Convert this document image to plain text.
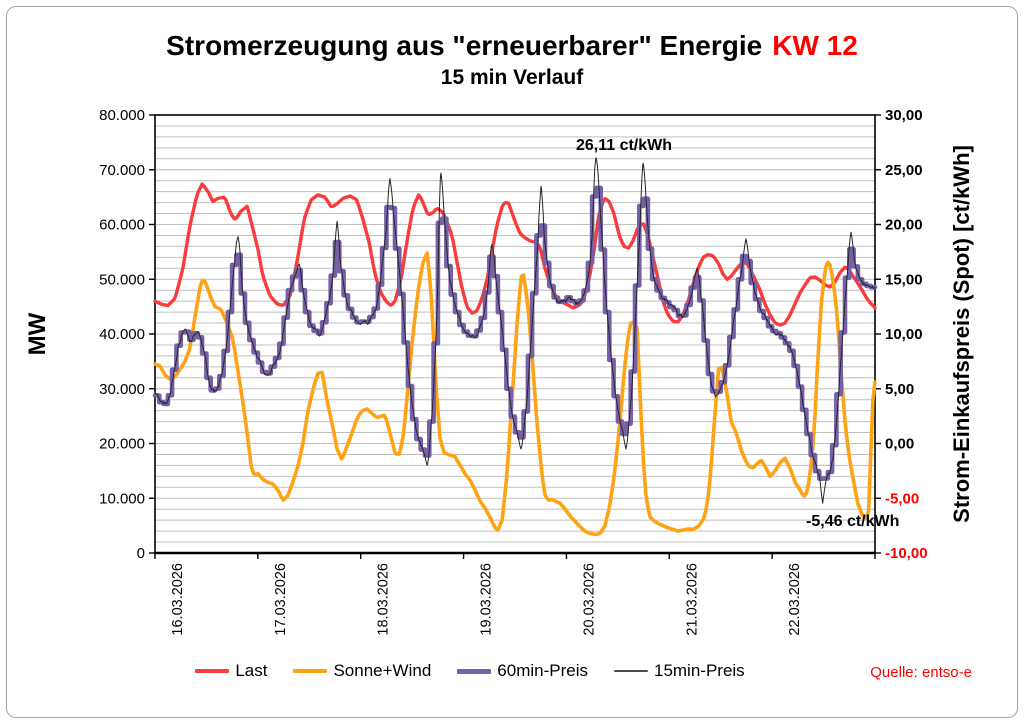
Stromerzeugung aus "erneuerbarer" Energie KW 12
15 min Verlauf
MW	Strom-Einkaufspreis (Spot) [ct/kWh]
0
10.000
20.000
30.000
40.000
50.000
60.000
70.000
80.000
-10,00
-5,00
0,00
5,00
10,00
15,00
20,00
25,00
30,00
16.03.2026	17.03.2026	18.03.2026	19.03.2026	20.03.2026	21.03.2026	22.03.2026
26,11 ct/kWh
-5,46 ct/kWh
Last	Sonne+Wind	60min-Preis	15min-Preis	Quelle: entso-e
